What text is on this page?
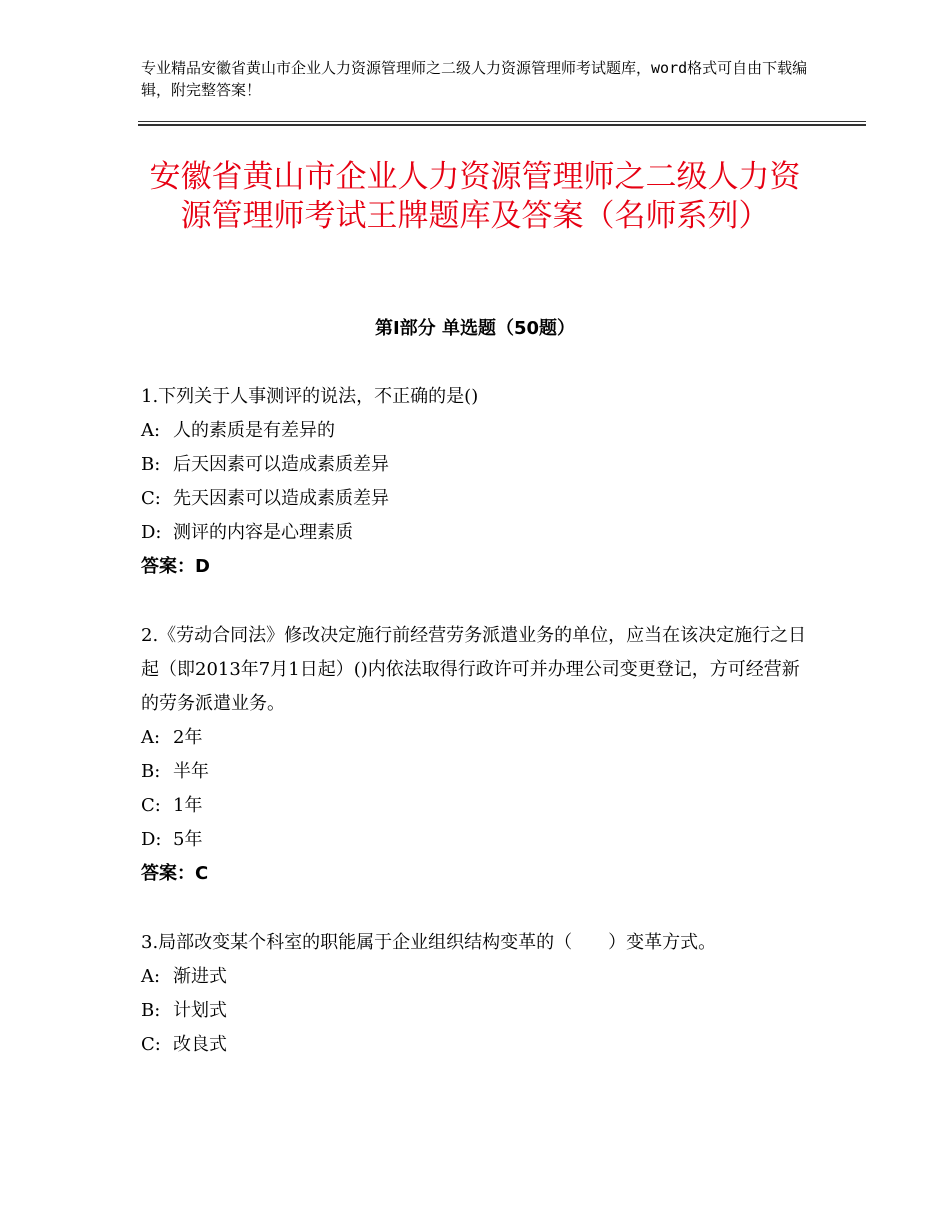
专业精品安徽省黄山市企业人力资源管理师之二级人力资源管理师考试题库，word格式可自由下载编辑，附完整答案！
安徽省黄山市企业人力资源管理师之二级人力资源管理师考试王牌题库及答案（名师系列）
第Ⅰ部分 单选题（50题）

1.下列关于人事测评的说法，不正确的是()

A: 人的素质是有差异的

B: 后天因素可以造成素质差异

C: 先天因素可以造成素质差异

D: 测评的内容是心理素质

答案：D

2.《劳动合同法》修改决定施行前经营劳务派遣业务的单位，应当在该决定施行之日起（即2013年7月1日起）()内依法取得行政许可并办理公司变更登记，方可经营新的劳务派遣业务。

A: 2年

B: 半年

C: 1年

D: 5年

答案：C

3.局部改变某个科室的职能属于企业组织结构变革的（　　）变革方式。

A: 渐进式

B: 计划式

C: 改良式
